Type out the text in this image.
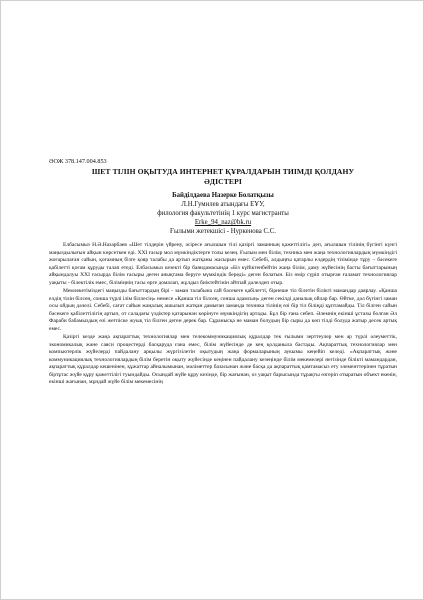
ӘОЖ 378.147.004.853
ШЕТ ТІЛІН ОҚЫТУДА ИНТЕРНЕТ ҚҰРАЛДАРЫН ТИІМДІ ҚОЛДАНУ
ӘДІСТЕРІ
Байділдаева Назерке Болатқызы
Л.Н.Гумилев атындағы ЕҰУ,
филология факультетінің 1 курс магистранты
Erke_94_naz@bk.ru
Ғылыми жетекшісі - Нуркенова С.С.

Елбасымыз Н.Ә.Назарбаев «Шет тілдерін үйрену, әсіресе ағылшын тілі қазіргі заманның қажеттілігі» деп, ағылшын тілінің бүгінгі күнгі маңыздылығын айқын көрсеткен еді. XXI ғасыр мол мүмкіндіктерге толы кезең. Ғылым мен білім, техника мен жаңа технологиялардың мүмкіндігі жоғарылаған сайын, қоғамның бізге қояр талабы да артып жатқаны жасырын емес. Себебі, алдыңғы қатарлы елдердің тізімінде тұру – бәсекеге қабілетті қоғам құруды талап етеді. Елбасымыз кезекті бір баяндамасында «Біз күйіктенбейтін жаңа білім, даму жүйесінің басты бағыттарының айқындалуы XXI ғасырда білім ғасыры деген анықтама беруге мүмкіндік береді» деген болатын. Біз өмір сүріп отырған ғаламат технологиялар уақыты - білектілік емес, біліміңнің тасы өрге домалап, жұлдыз биіктейтінін айтпай дәлелдеп отыр.

Мемлекетіміздегі маңызды бағыттардың бірі - заман талабына сай бәсекеге қабілетті, бірнеше тіл білетін білікті мамандар даярлау. «Қанша елдің тілін білсең, сонша түрлі ілім біллесің» немесе «Қанша тіл білсең, сонша адамсың» деген секілді даналық ойлар бар. Өйтке, дәл бүгінгі заман осы ойдың дәлелі. Себебі, сағат сайын жаңалық ашылып жатқан дамыған заманда техника тілінің өзі бір тіл біліңді құптамайды. Тіл білген сайын бәсекеге қабілеттілігің артып, от саладағы үздіктер қатарынан көрінуге мүмкіндігің артады. Бұл бір ғана себеп. Әлемнің екінші ұстазы болған Әл Фараби бабамыздың өзі жетпіске жуық тіл білген деген дерек бар. Сұранысқа не маман болудың бір сыры да көп тілді болуда жатыр десек артық емес.

Қазіргі кезде жаңа ақпараттық технологиялар мен телекоммуникациялық құралдар тек ғылыми зерттеулер мен әр түрлі әлеуметтік, экономикалық және саяси процестерді басқаруда ғана емес, білім жүйесінде де кең қолданыла бастады. Ақпараттық технологиялар мен компьютерлік жүйелерді пайдалану арқылы жүргізілетін оқытудың жаңа формаларының аукымы кеңейіп келеді. «Ақпараттық және коммуникациялық технологиялардың білім беретін оқыту жүйесінде кеңінен пайдалану кезеңінде білім мекемелері негізінде білікті мамандардан, ақпараттық құралдар кешенінен, құжаттар айналымынан, мәліметтер базасынан және басқа да ақпараттық қамтамасыз ету элементтерінен тұратын біртұтас жүйе құру қажеттілігі туындайды. Осындай жүйе құру кезінде, бір жағынан, оз уақыт барысында тұрақты өзгеріп отыратын объект екенін, екінші жағынан, мұндай жүйе білім мекемесінің
